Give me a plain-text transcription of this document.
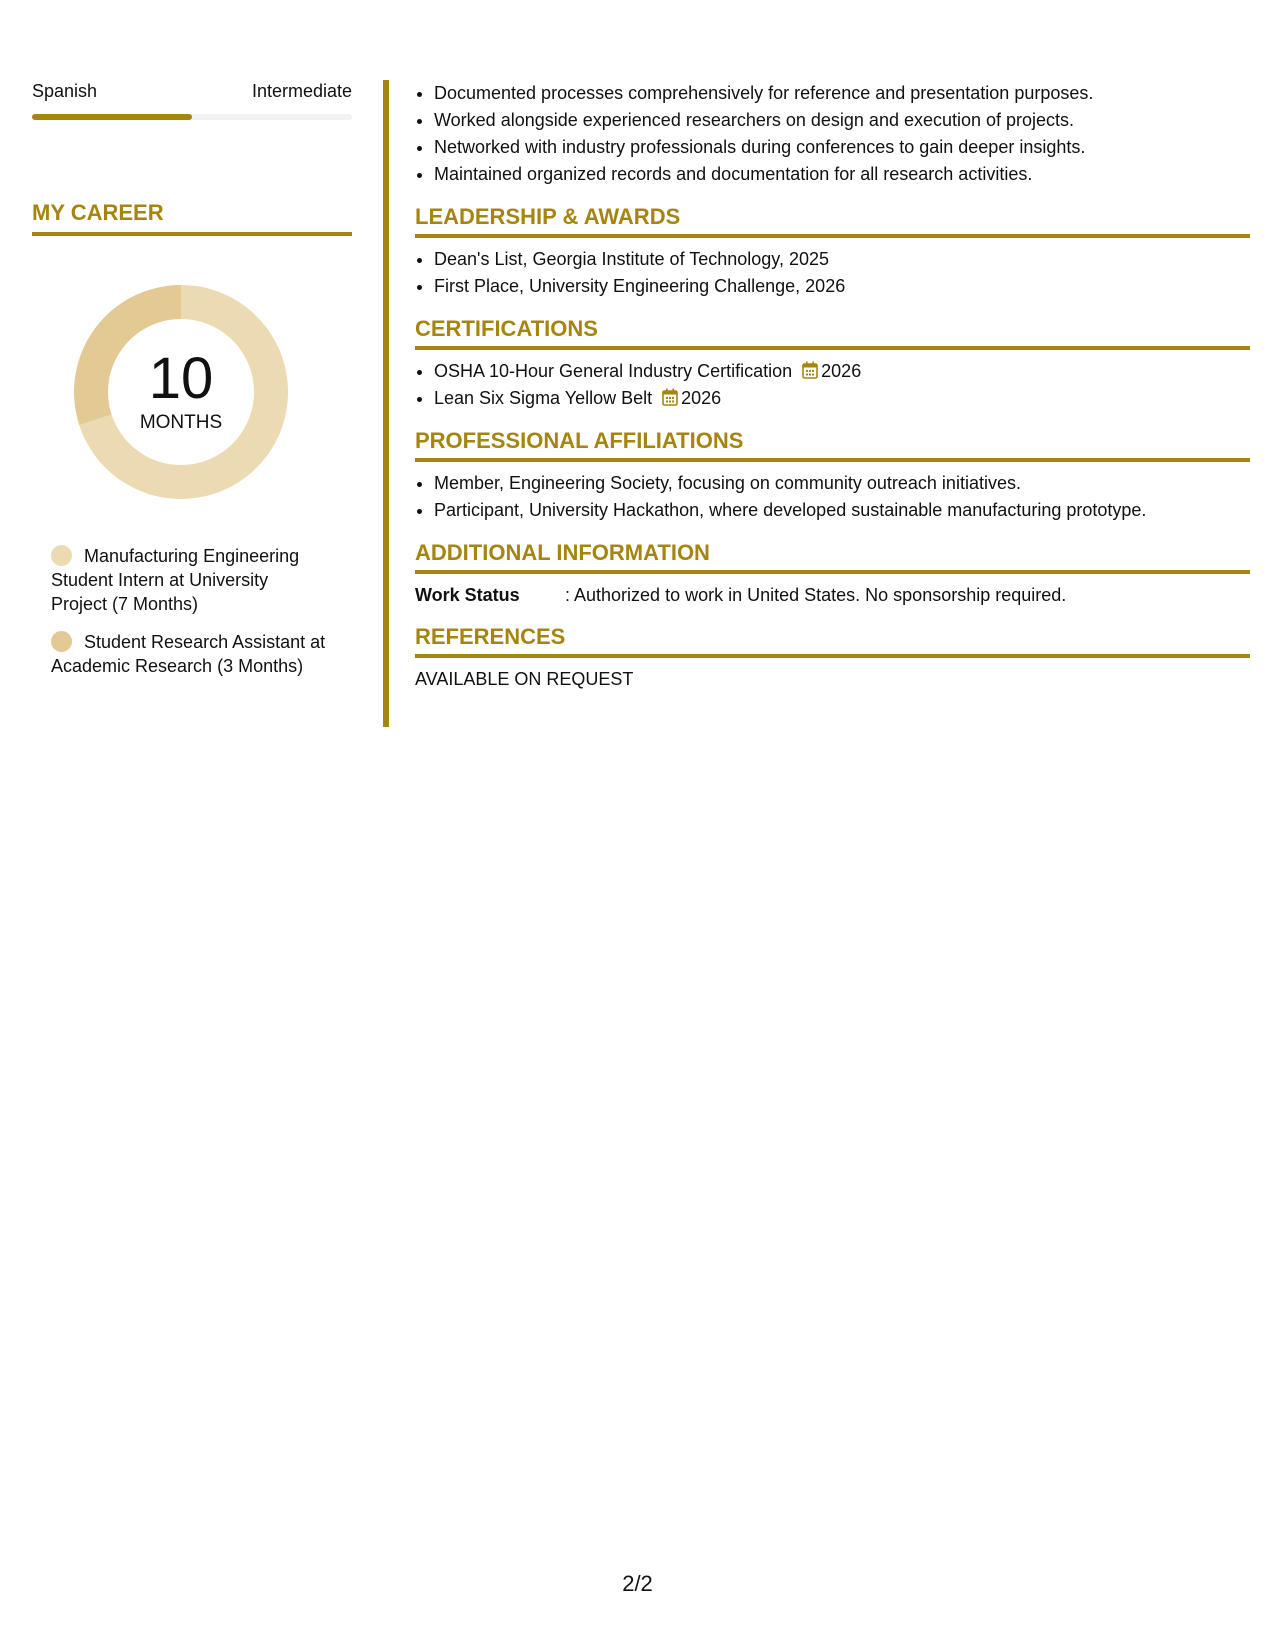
Spanish	Intermediate
MY CAREER
10
MONTHS
Manufacturing Engineering Student Intern at University Project (7 Months)
Student Research Assistant at Academic Research (3 Months)
• Documented processes comprehensively for reference and presentation purposes.
• Worked alongside experienced researchers on design and execution of projects.
• Networked with industry professionals during conferences to gain deeper insights.
• Maintained organized records and documentation for all research activities.
LEADERSHIP & AWARDS
• Dean's List, Georgia Institute of Technology, 2025
• First Place, University Engineering Challenge, 2026
CERTIFICATIONS
• OSHA 10-Hour General Industry Certification 2026
• Lean Six Sigma Yellow Belt 2026
PROFESSIONAL AFFILIATIONS
• Member, Engineering Society, focusing on community outreach initiatives.
• Participant, University Hackathon, where developed sustainable manufacturing prototype.
ADDITIONAL INFORMATION
Work Status	: Authorized to work in United States. No sponsorship required.
REFERENCES
AVAILABLE ON REQUEST
2/2
